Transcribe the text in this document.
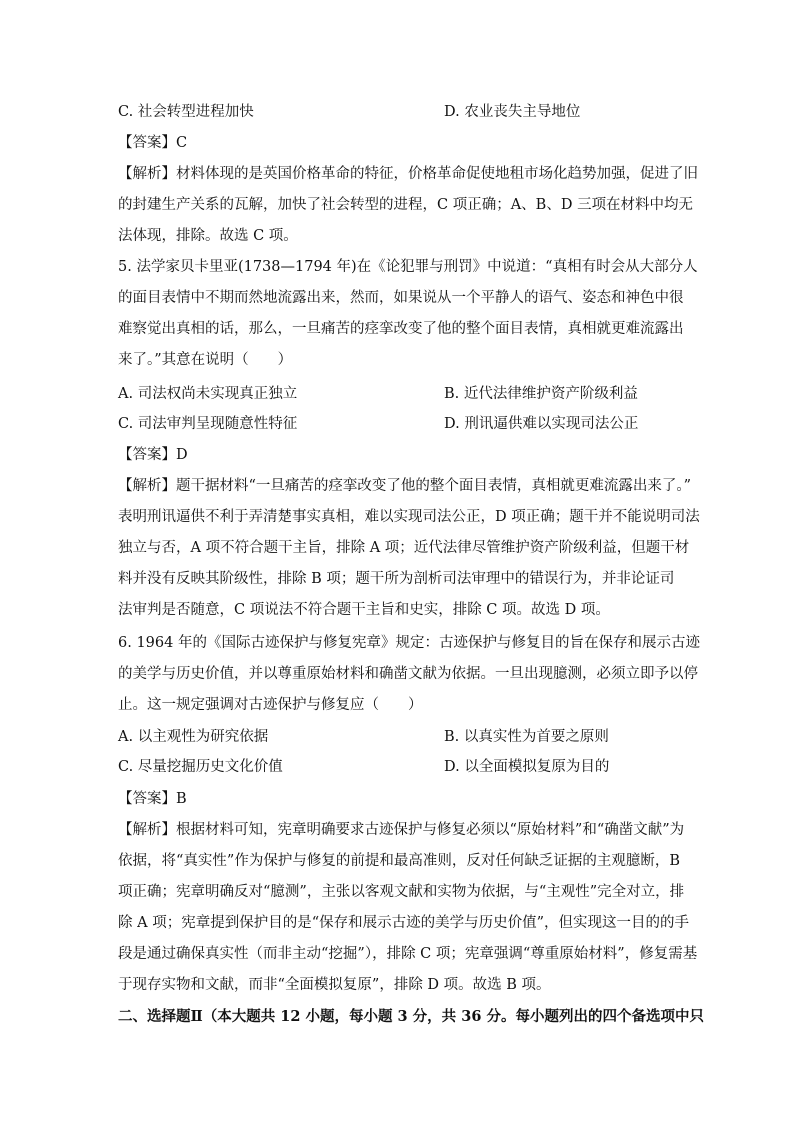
C. 社会转型进程加快	D. 农业丧失主导地位
【答案】C
【解析】材料体现的是英国价格革命的特征，价格革命促使地租市场化趋势加强，促进了旧
的封建生产关系的瓦解，加快了社会转型的进程，C 项正确；A、B、D 三项在材料中均无
法体现，排除。故选 C 项。
5. 法学家贝卡里亚(1738—1794 年)在《论犯罪与刑罚》中说道：“真相有时会从大部分人
的面目表情中不期而然地流露出来，然而，如果说从一个平静人的语气、姿态和神色中很
难察觉出真相的话，那么，一旦痛苦的痉挛改变了他的整个面目表情，真相就更难流露出
来了。”其意在说明（　　）
A. 司法权尚未实现真正独立	B. 近代法律维护资产阶级利益
C. 司法审判呈现随意性特征	D. 刑讯逼供难以实现司法公正
【答案】D
【解析】题干据材料“一旦痛苦的痉挛改变了他的整个面目表情，真相就更难流露出来了。”
表明刑讯逼供不利于弄清楚事实真相，难以实现司法公正，D 项正确；题干并不能说明司法
独立与否，A 项不符合题干主旨，排除 A 项；近代法律尽管维护资产阶级利益，但题干材
料并没有反映其阶级性，排除 B 项；题干所为剖析司法审理中的错误行为，并非论证司
法审判是否随意，C 项说法不符合题干主旨和史实，排除 C 项。故选 D 项。
6. 1964 年的《国际古迹保护与修复宪章》规定：古迹保护与修复目的旨在保存和展示古迹
的美学与历史价值，并以尊重原始材料和确凿文献为依据。一旦出现臆测，必须立即予以停
止。这一规定强调对古迹保护与修复应（　　）
A. 以主观性为研究依据	B. 以真实性为首要之原则
C. 尽量挖掘历史文化价值	D. 以全面模拟复原为目的
【答案】B
【解析】根据材料可知，宪章明确要求古迹保护与修复必须以“原始材料”和“确凿文献”为
依据，将“真实性”作为保护与修复的前提和最高准则，反对任何缺乏证据的主观臆断，B
项正确；宪章明确反对“臆测”，主张以客观文献和实物为依据，与“主观性”完全对立，排
除 A 项；宪章提到保护目的是“保存和展示古迹的美学与历史价值”，但实现这一目的的手
段是通过确保真实性（而非主动“挖掘”），排除 C 项；宪章强调“尊重原始材料”，修复需基
于现存实物和文献，而非“全面模拟复原”，排除 D 项。故选 B 项。
二、选择题Ⅱ（本大题共 12 小题，每小题 3 分，共 36 分。每小题列出的四个备选项中只
